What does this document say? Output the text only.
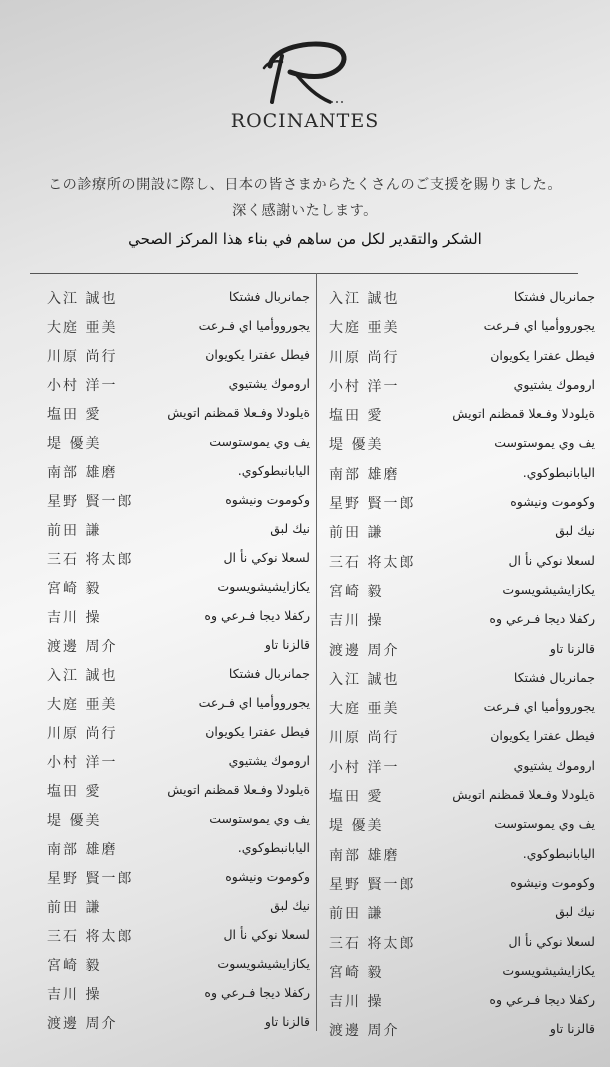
ROCINANTES
この診療所の開設に際し、日本の皆さまからたくさんのご支援を賜りました。
深く感謝いたします。
الشكر والتقدير لكل من ساهم في بناء هذا المركز الصحي
入江 誠也	جمانربال فشتكا
大庭 亜美	يجورووأميا اي فـرعت
川原 尚行	فيطل عفترا يكويوان
小村 洋一	اروموك يشتيوي
塩田 愛	ةيلودلا وفـعلا قمظنم اتويش
堤 優美	يف وي يموستوست
南部 雄磨	اليابانبطوكوي.
星野 賢一郎	وكوموت ونيشوه
前田 謙	نيك لبق
三石 将太郎	لسعلا نوكي نأ ال
宮崎 毅	يكازايشيشويسوت
吉川 操	ركفلا ديجا فـرعي وه
渡邊 周介	قالزنا تاو
入江 誠也	جمانربال فشتكا
大庭 亜美	يجورووأميا اي فـرعت
川原 尚行	فيطل عفترا يكويوان
小村 洋一	اروموك يشتيوي
塩田 愛	ةيلودلا وفـعلا قمظنم اتويش
堤 優美	يف وي يموستوست
南部 雄磨	اليابانبطوكوي.
星野 賢一郎	وكوموت ونيشوه
前田 謙	نيك لبق
三石 将太郎	لسعلا نوكي نأ ال
宮崎 毅	يكازايشيشويسوت
吉川 操	ركفلا ديجا فـرعي وه
渡邊 周介	قالزنا تاو
入江 誠也	جمانربال فشتكا
大庭 亜美	يجورووأميا اي فـرعت
川原 尚行	فيطل عفترا يكويوان
小村 洋一	اروموك يشتيوي
塩田 愛	ةيلودلا وفـعلا قمظنم اتويش
堤 優美	يف وي يموستوست
南部 雄磨	اليابانبطوكوي.
星野 賢一郎	وكوموت ونيشوه
前田 謙	نيك لبق
三石 将太郎	لسعلا نوكي نأ ال
宮崎 毅	يكازايشيشويسوت
吉川 操	ركفلا ديجا فـرعي وه
渡邊 周介	قالزنا تاو
入江 誠也	جمانربال فشتكا
大庭 亜美	يجورووأميا اي فـرعت
川原 尚行	فيطل عفترا يكويوان
小村 洋一	اروموك يشتيوي
塩田 愛	ةيلودلا وفـعلا قمظنم اتويش
堤 優美	يف وي يموستوست
南部 雄磨	اليابانبطوكوي.
星野 賢一郎	وكوموت ونيشوه
前田 謙	نيك لبق
三石 将太郎	لسعلا نوكي نأ ال
宮崎 毅	يكازايشيشويسوت
吉川 操	ركفلا ديجا فـرعي وه
渡邊 周介	قالزنا تاو
